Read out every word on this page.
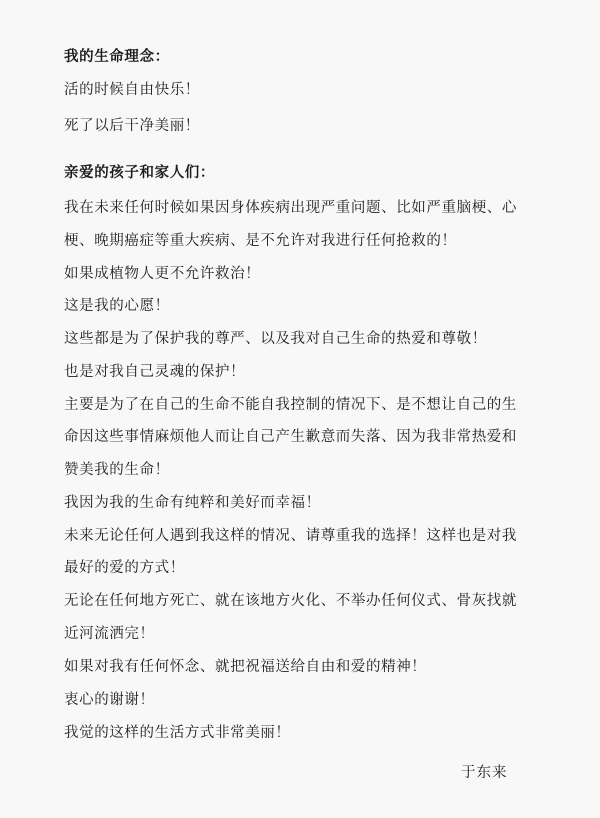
我的生命理念：
活的时候自由快乐！
死了以后干净美丽！
亲爱的孩子和家人们：
我在未来任何时候如果因身体疾病出现严重问题、比如严重脑梗、心
梗、晚期癌症等重大疾病、是不允许对我进行任何抢救的！
如果成植物人更不允许救治！
这是我的心愿！
这些都是为了保护我的尊严、以及我对自己生命的热爱和尊敬！
也是对我自己灵魂的保护！
主要是为了在自己的生命不能自我控制的情况下、是不想让自己的生
命因这些事情麻烦他人而让自己产生歉意而失落、因为我非常热爱和
赞美我的生命！
我因为我的生命有纯粹和美好而幸福！
未来无论任何人遇到我这样的情况、请尊重我的选择！这样也是对我
最好的爱的方式！
无论在任何地方死亡、就在该地方火化、不举办任何仪式、骨灰找就
近河流洒完！
如果对我有任何怀念、就把祝福送给自由和爱的精神！
衷心的谢谢！
我觉的这样的生活方式非常美丽！
于东来
